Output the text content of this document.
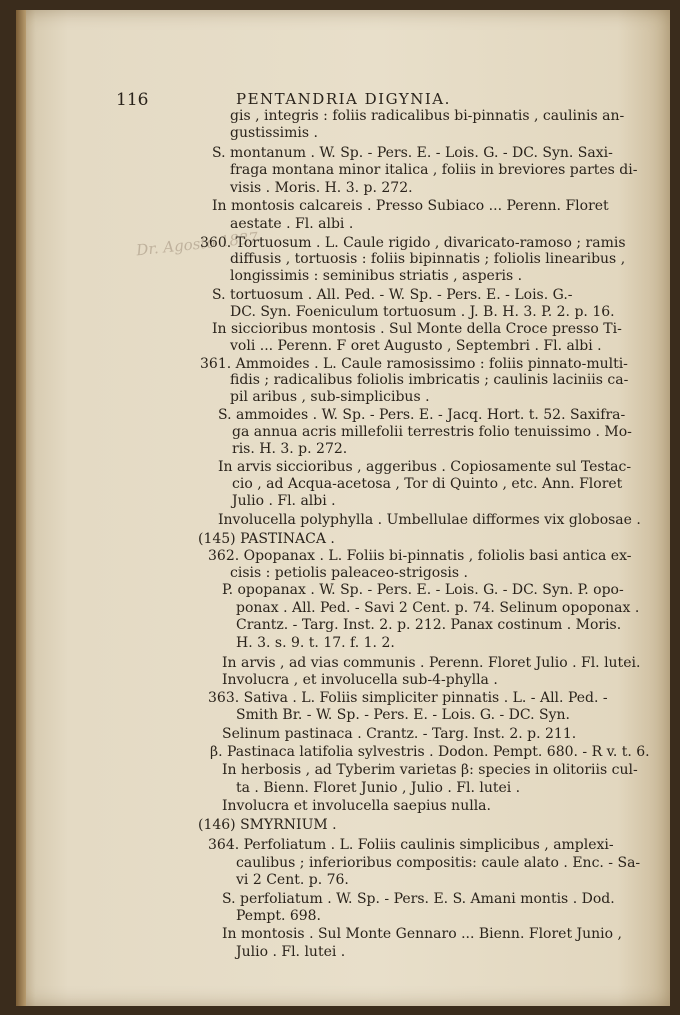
Dr. Agosto 1837
116	PENTANDRIA DIGYNIA.
gis , integris : foliis radicalibus bi-pinnatis , caulinis an-
gustissimis .
S. montanum . W. Sp. - Pers. E. - Lois. G. - DC. Syn. Saxi-
fraga montana minor italica , foliis in breviores partes di-
visis . Moris. H. 3. p. 272.
In montosis calcareis . Presso Subiaco ... Perenn. Floret
aestate . Fl. albi .
360. Tortuosum . L. Caule rigido , divaricato-ramoso ; ramis
diffusis , tortuosis : foliis bipinnatis ; foliolis linearibus ,
longissimis : seminibus striatis , asperis .
S. tortuosum . All. Ped. - W. Sp. - Pers. E. - Lois. G.-
DC. Syn. Foeniculum tortuosum . J. B. H. 3. P. 2. p. 16.
In siccioribus montosis . Sul Monte della Croce presso Ti-
voli ... Perenn. F oret Augusto , Septembri . Fl. albi .
361. Ammoides . L. Caule ramosissimo : foliis pinnato-multi-
fidis ; radicalibus foliolis imbricatis ; caulinis laciniis ca-
pil aribus , sub-simplicibus .
S. ammoides . W. Sp. - Pers. E. - Jacq. Hort. t. 52. Saxifra-
ga annua acris millefolii terrestris folio tenuissimo . Mo-
ris. H. 3. p. 272.
In arvis siccioribus , aggeribus . Copiosamente sul Testac-
cio , ad Acqua-acetosa , Tor di Quinto , etc. Ann. Floret
Julio . Fl. albi .
Involucella polyphylla . Umbellulae difformes vix globosae .
(145) PASTINACA .
362. Opopanax . L. Foliis bi-pinnatis , foliolis basi antica ex-
cisis : petiolis paleaceo-strigosis .
P. opopanax . W. Sp. - Pers. E. - Lois. G. - DC. Syn. P. opo-
ponax . All. Ped. - Savi 2 Cent. p. 74. Selinum opoponax .
Crantz. - Targ. Inst. 2. p. 212. Panax costinum . Moris.
H. 3. s. 9. t. 17. f. 1. 2.
In arvis , ad vias communis . Perenn. Floret Julio . Fl. lutei.
Involucra , et involucella sub-4-phylla .
363. Sativa . L. Foliis simpliciter pinnatis . L. - All. Ped. -
Smith Br. - W. Sp. - Pers. E. - Lois. G. - DC. Syn.
Selinum pastinaca . Crantz. - Targ. Inst. 2. p. 211.
β. Pastinaca latifolia sylvestris . Dodon. Pempt. 680. - R v. t. 6.
In herbosis , ad Tyberim varietas β: species in olitoriis cul-
ta . Bienn. Floret Junio , Julio . Fl. lutei .
Involucra et involucella saepius nulla.
(146) SMYRNIUM .
364. Perfoliatum . L. Foliis caulinis simplicibus , amplexi-
caulibus ; inferioribus compositis: caule alato . Enc. - Sa-
vi 2 Cent. p. 76.
S. perfoliatum . W. Sp. - Pers. E. S. Amani montis . Dod.
Pempt. 698.
In montosis . Sul Monte Gennaro ... Bienn. Floret Junio ,
Julio . Fl. lutei .
